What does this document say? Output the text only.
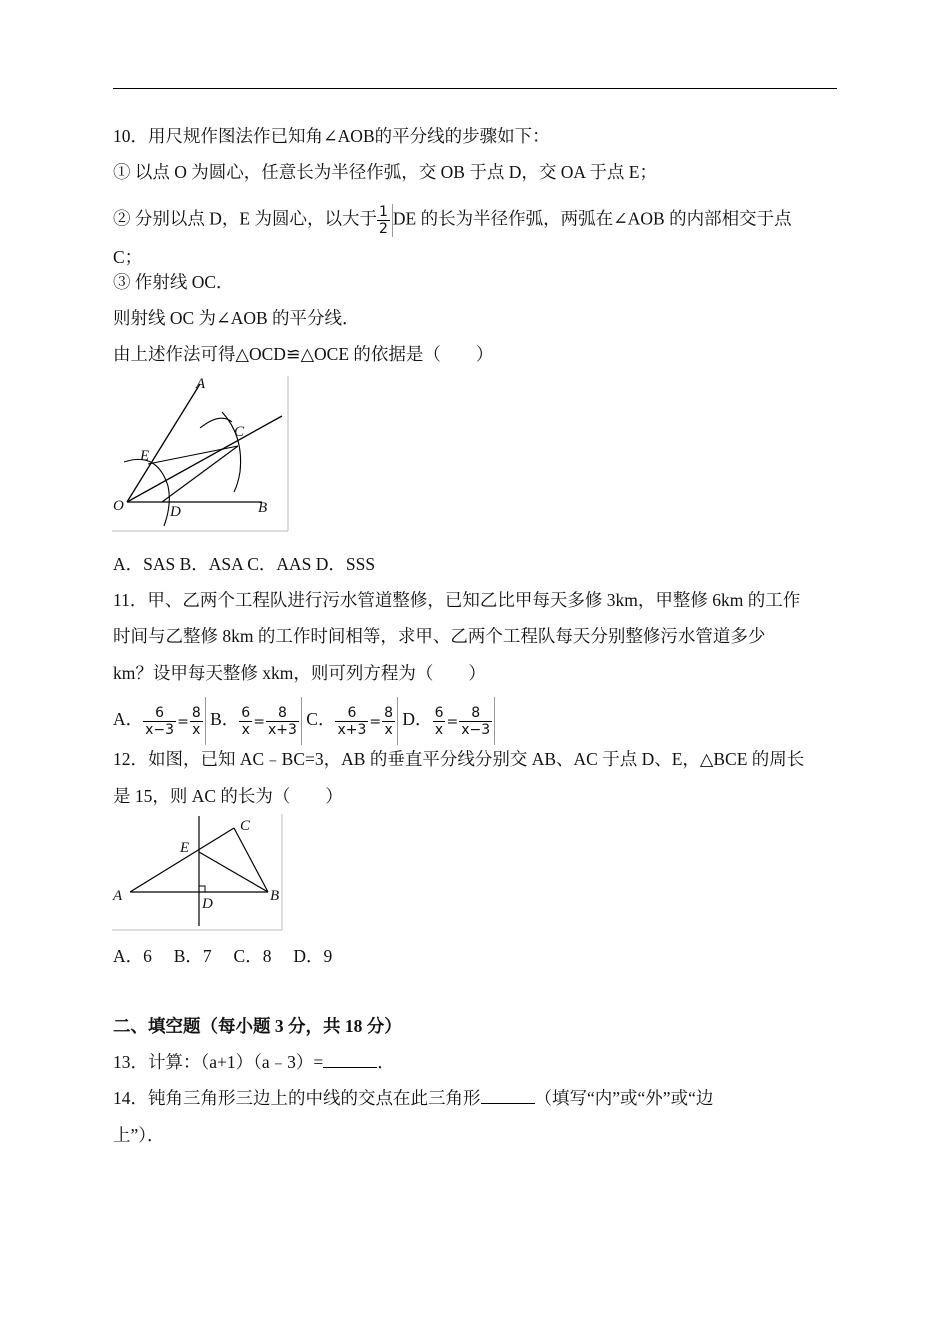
10．用尺规作图法作已知角∠AOB的平分线的步骤如下：
① 以点 O 为圆心，任意长为半径作弧，交 OB 于点 D，交 OA 于点 E；
② 分别以点 D，E 为圆心，以大于 $\frac{1}{2}$ DE 的长为半径作弧，两弧在∠AOB 的内部相交于点
C；
③ 作射线 OC．
则射线 OC 为∠AOB 的平分线．
由上述作法可得△OCD≌△OCE 的依据是（　　）
A
C
E
O	D	B
A．SAS B．ASA C．AAS D．SSS
11．甲、乙两个工程队进行污水管道整修，已知乙比甲每天多修 3km，甲整修 6km 的工作
时间与乙整修 8km 的工作时间相等，求甲、乙两个工程队每天分别整修污水管道多少
km？设甲每天整修 xkm，则可列方程为（　　）
A． $\frac{6}{x-3} = \frac{8}{x}$ B． $\frac{6}{x} = \frac{8}{x+3}$ C． $\frac{6}{x+3} = \frac{8}{x}$ D． $\frac{6}{x} = \frac{8}{x-3}$
12．如图，已知 AC﹣BC=3，AB 的垂直平分线分别交 AB、AC 于点 D、E，△BCE 的周长
是 15，则 AC 的长为（　　）
C
E
A	D	B
A．6　 B．7　 C．8　 D．9
二、填空题（每小题 3 分，共 18 分）
13．计算：（a+1）（a﹣3）=	．
14．钝角三角形三边上的中线的交点在此三角形	（填写“内”或“外”或“边
上”）．
